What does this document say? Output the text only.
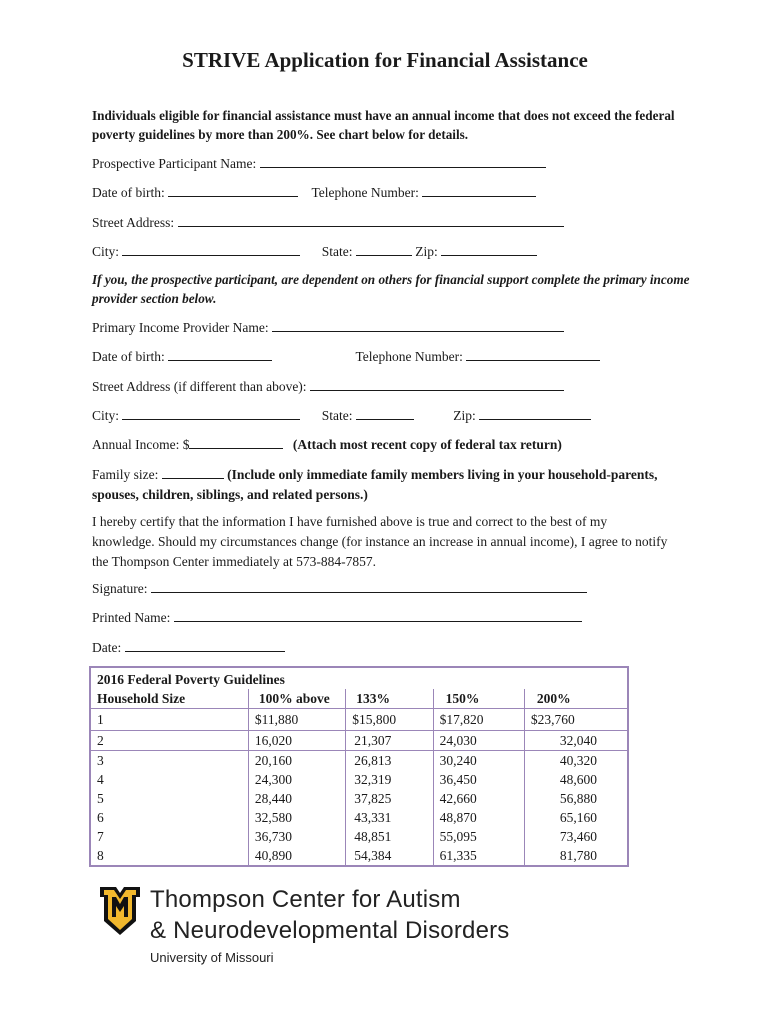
STRIVE Application for Financial Assistance
Individuals eligible for financial assistance must have an annual income that does not exceed the federal poverty guidelines by more than 200%. See chart below for details.
Prospective Participant Name:
Date of birth:	Telephone Number:
Street Address:
City:	State:	Zip:
If you, the prospective participant, are dependent on others for financial support complete the primary income provider section below.
Primary Income Provider Name:
Date of birth:	Telephone Number:
Street Address (if different than above):
City:	State:	Zip:
Annual Income: $	(Attach most recent copy of federal tax return)
Family size:	(Include only immediate family members living in your household-parents, spouses, children, siblings, and related persons.)
I hereby certify that the information I have furnished above is true and correct to the best of my knowledge. Should my circumstances change (for instance an increase in annual income), I agree to notify the Thompson Center immediately at 573-884-7857.
Signature:
Printed Name:
Date:
2016 Federal Poverty Guidelines				
Household Size	100% above	133%	150%	200%
1	$11,880	$15,800	$17,820	$23,760
2	16,020	21,307	24,030	32,040
3	20,160	26,813	30,240	40,320
4	24,300	32,319	36,450	48,600
5	28,440	37,825	42,660	56,880
6	32,580	43,331	48,870	65,160
7	36,730	48,851	55,095	73,460
8	40,890	54,384	61,335	81,780
Thompson Center for Autism
& Neurodevelopmental Disorders
University of Missouri
